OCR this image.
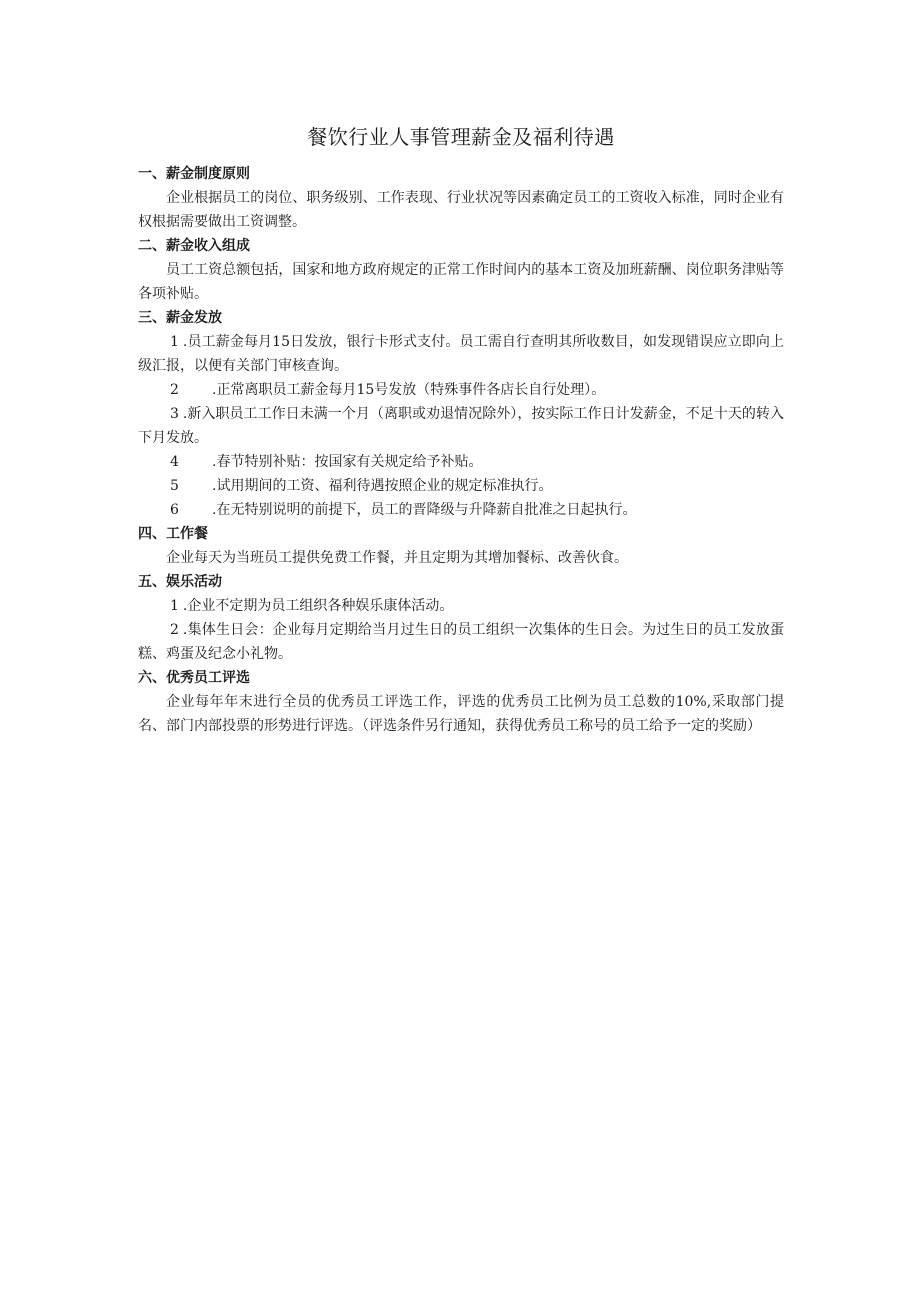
餐饮行业人事管理薪金及福利待遇
一、薪金制度原则

企业根据员工的岗位、职务级别、工作表现、行业状况等因素确定员工的工资收入标准，同时企业有权根据需要做出工资调整。

二、薪金收入组成

员工工资总额包括，国家和地方政府规定的正常工作时间内的基本工资及加班薪酬、岗位职务津贴等各项补贴。

三、薪金发放

1 .员工薪金每月15日发放，银行卡形式支付。员工需自行查明其所收数目，如发现错误应立即向上级汇报，以便有关部门审核查询。

2 .正常离职员工薪金每月15号发放（特殊事件各店长自行处理）。

3 .新入职员工工作日未满一个月（离职或劝退情况除外），按实际工作日计发薪金，不足十天的转入下月发放。

4 .春节特别补贴：按国家有关规定给予补贴。

5 .试用期间的工资、福利待遇按照企业的规定标准执行。

6 .在无特别说明的前提下，员工的晋降级与升降薪自批准之日起执行。

四、工作餐

企业每天为当班员工提供免费工作餐，并且定期为其增加餐标、改善伙食。

五、娱乐活动

1 .企业不定期为员工组织各种娱乐康体活动。

2 .集体生日会：企业每月定期给当月过生日的员工组织一次集体的生日会。为过生日的员工发放蛋糕、鸡蛋及纪念小礼物。

六、优秀员工评选

企业每年年末进行全员的优秀员工评选工作，评选的优秀员工比例为员工总数的10%,采取部门提名、部门内部投票的形势进行评选。（评选条件另行通知，获得优秀员工称号的员工给予一定的奖励）
